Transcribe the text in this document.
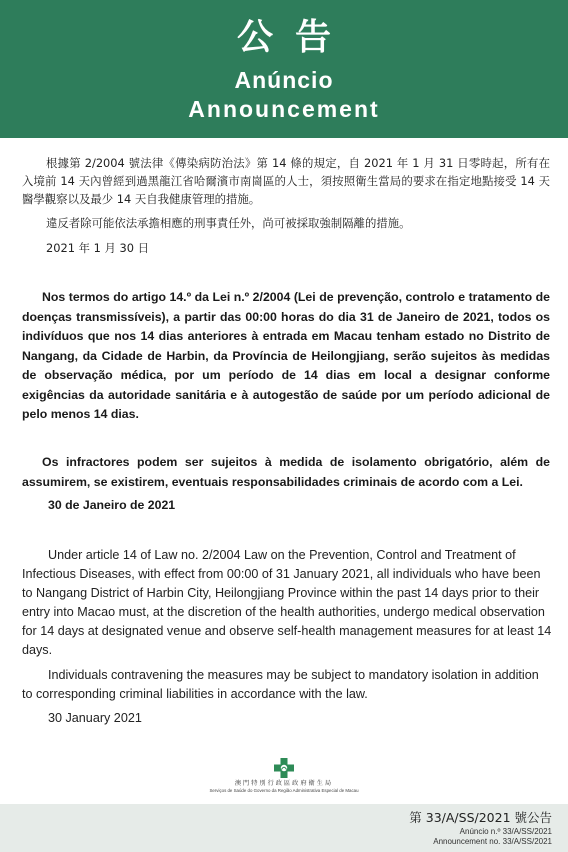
公告
Anúncio
Announcement

根據第 2/2004 號法律《傳染病防治法》第 14 條的規定，自 2021 年 1 月 31 日零時起，所有在入境前 14 天內曾經到過黑龍江省哈爾濱市南崗區的人士，須按照衛生當局的要求在指定地點接受 14 天醫學觀察以及最少 14 天自我健康管理的措施。

違反者除可能依法承擔相應的刑事責任外，尚可被採取強制隔離的措施。

2021 年 1 月 30 日

Nos termos do artigo 14.º da Lei n.º 2/2004 (Lei de prevenção, controlo e tratamento de doenças transmissíveis), a partir das 00:00 horas do dia 31 de Janeiro de 2021, todos os indivíduos que nos 14 dias anteriores à entrada em Macau tenham estado no Distrito de Nangang, da Cidade de Harbin, da Província de Heilongjiang, serão sujeitos às medidas de observação médica, por um período de 14 dias em local a designar conforme exigências da autoridade sanitária e à autogestão de saúde por um período adicional de pelo menos 14 dias.

Os infractores podem ser sujeitos à medida de isolamento obrigatório, além de assumirem, se existirem, eventuais responsabilidades criminais de acordo com a Lei.

30 de Janeiro de 2021

Under article 14 of Law no. 2/2004 Law on the Prevention, Control and Treatment of Infectious Diseases, with effect from 00:00 of 31 January 2021, all individuals who have been to Nangang District of Harbin City, Heilongjiang Province within the past 14 days prior to their entry into Macao must, at the discretion of the health authorities, undergo medical observation for 14 days at designated venue and observe self-health management measures for at least 14 days.

Individuals contravening the measures may be subject to mandatory isolation in addition to corresponding criminal liabilities in accordance with the law.

30 January 2021

澳門特別行政區政府衛生局
Serviços de Saúde do Governo da Região Administrativa Especial de Macau
第 33/A/SS/2021 號公告
Anúncio n.º 33/A/SS/2021
Announcement no. 33/A/SS/2021
